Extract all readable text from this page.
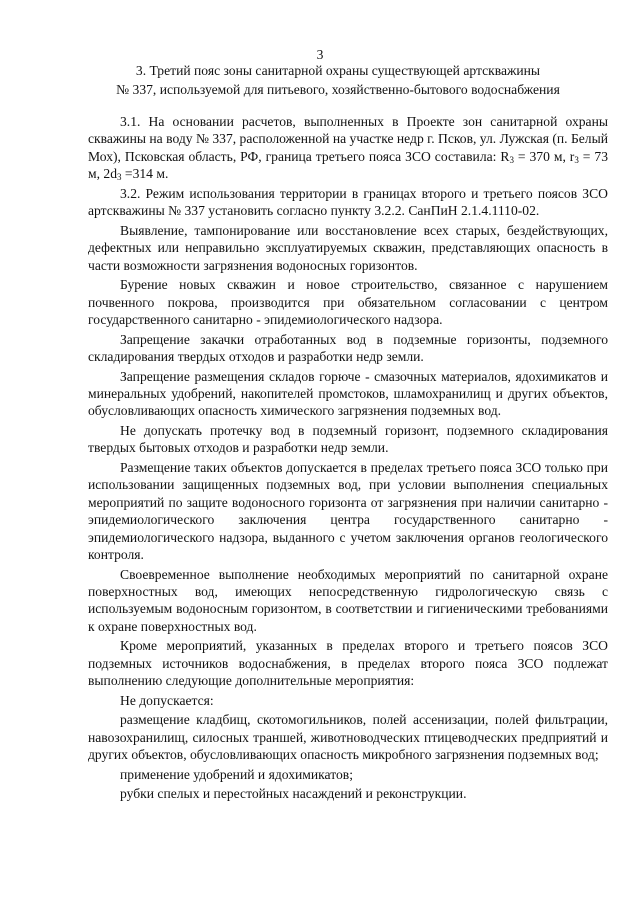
3
3. Третий пояс зоны санитарной охраны существующей артскважины
№ 337, используемой для питьевого, хозяйственно-бытового водоснабжения

3.1. На основании расчетов, выполненных в Проекте зон санитарной охраны скважины на воду № 337, расположенной на участке недр г. Псков, ул. Лужская (п. Белый Мох), Псковская область, РФ, граница третьего пояса ЗСО составила: $R_3 = 370$ м, $r_3 = 73$ м, $2d_3 =314$ м.

3.2. Режим использования территории в границах второго и третьего поясов ЗСО артскважины № 337 установить согласно пункту 3.2.2. СанПиН 2.1.4.1110-02.

Выявление, тампонирование или восстановление всех старых, бездействующих, дефектных или неправильно эксплуатируемых скважин, представляющих опасность в части возможности загрязнения водоносных горизонтов.

Бурение новых скважин и новое строительство, связанное с нарушением почвенного покрова, производится при обязательном согласовании с центром государственного санитарно - эпидемиологического надзора.

Запрещение закачки отработанных вод в подземные горизонты, подземного складирования твердых отходов и разработки недр земли.

Запрещение размещения складов горюче - смазочных материалов, ядохимикатов и минеральных удобрений, накопителей промстоков, шламохранилищ и других объектов, обусловливающих опасность химического загрязнения подземных вод.

Не допускать протечку вод в подземный горизонт, подземного складирования твердых бытовых отходов и разработки недр земли.

Размещение таких объектов допускается в пределах третьего пояса ЗСО только при использовании защищенных подземных вод, при условии выполнения специальных мероприятий по защите водоносного горизонта от загрязнения при наличии санитарно - эпидемиологического заключения центра государственного санитарно - эпидемиологического надзора, выданного с учетом заключения органов геологического контроля.

Своевременное выполнение необходимых мероприятий по санитарной охране поверхностных вод, имеющих непосредственную гидрологическую связь с используемым водоносным горизонтом, в соответствии и гигиеническими требованиями к охране поверхностных вод.

Кроме мероприятий, указанных в пределах второго и третьего поясов ЗСО подземных источников водоснабжения, в пределах второго пояса ЗСО подлежат выполнению следующие дополнительные мероприятия:

Не допускается:

размещение кладбищ, скотомогильников, полей ассенизации, полей фильтрации, навозохранилищ, силосных траншей, животноводческих птицеводческих предприятий и других объектов, обусловливающих опасность микробного загрязнения подземных вод;

применение удобрений и ядохимикатов;

рубки спелых и перестойных насаждений и реконструкции.
